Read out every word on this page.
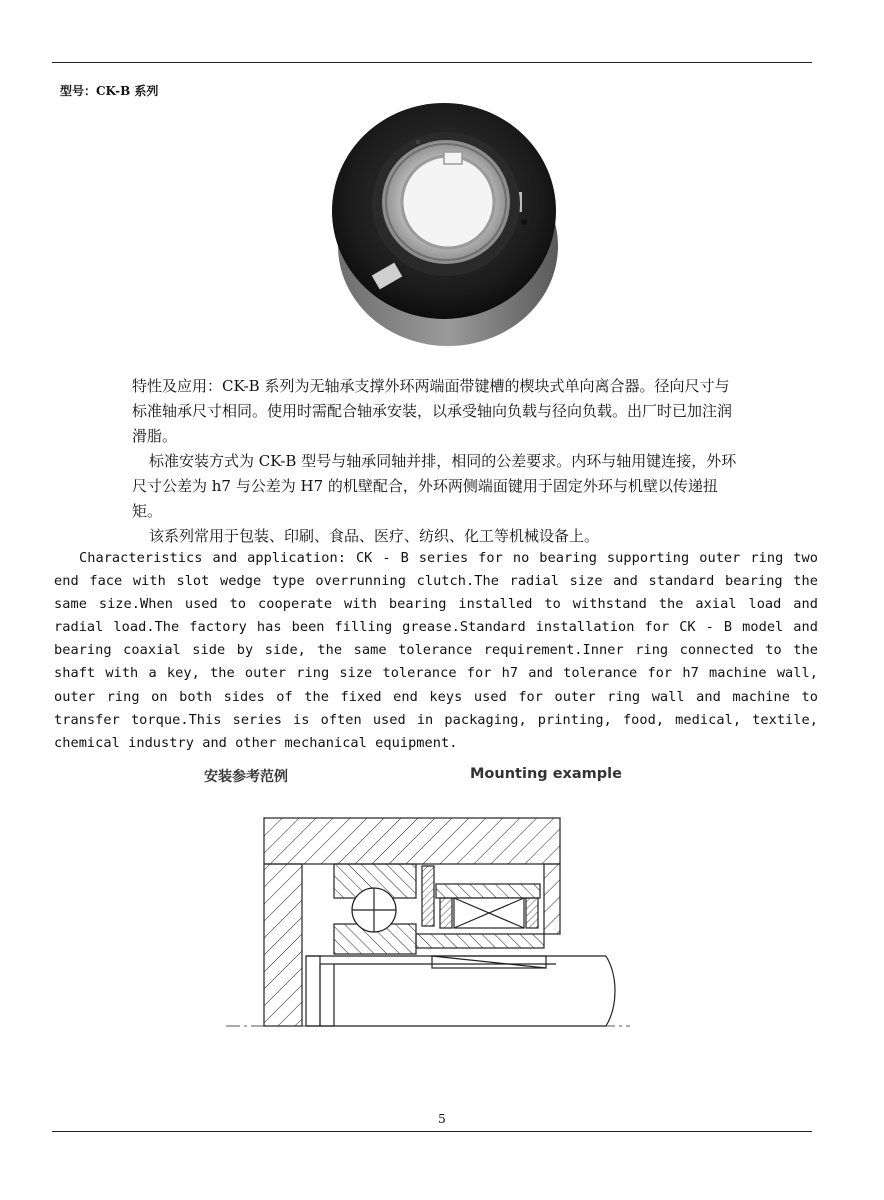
型号：CK-B 系列

特性及应用：CK-B 系列为无轴承支撑外环两端面带键槽的楔块式单向离合器。径向尺寸与标准轴承尺寸相同。使用时需配合轴承安装，以承受轴向负载与径向负载。出厂时已加注润滑脂。

标准安装方式为 CK-B 型号与轴承同轴并排，相同的公差要求。内环与轴用键连接，外环尺寸公差为 h7 与公差为 H7 的机壁配合，外环两侧端面键用于固定外环与机壁以传递扭矩。

该系列常用于包装、印刷、食品、医疗、纺织、化工等机械设备上。

Characteristics and application: CK - B series for no bearing supporting outer ring two end face with slot wedge type overrunning clutch.The radial size and standard bearing the same size.When used to cooperate with bearing installed to withstand the axial load and radial load.The factory has been filling grease.Standard installation for CK - B model and bearing coaxial side by side, the same tolerance requirement.Inner ring connected to the shaft with a key, the outer ring size tolerance for h7 and tolerance for h7 machine wall, outer ring on both sides of the fixed end keys used for outer ring wall and machine to transfer torque.This series is often used in packaging, printing, food, medical, textile, chemical industry and other mechanical equipment.
安装参考范例	Mounting example
5
